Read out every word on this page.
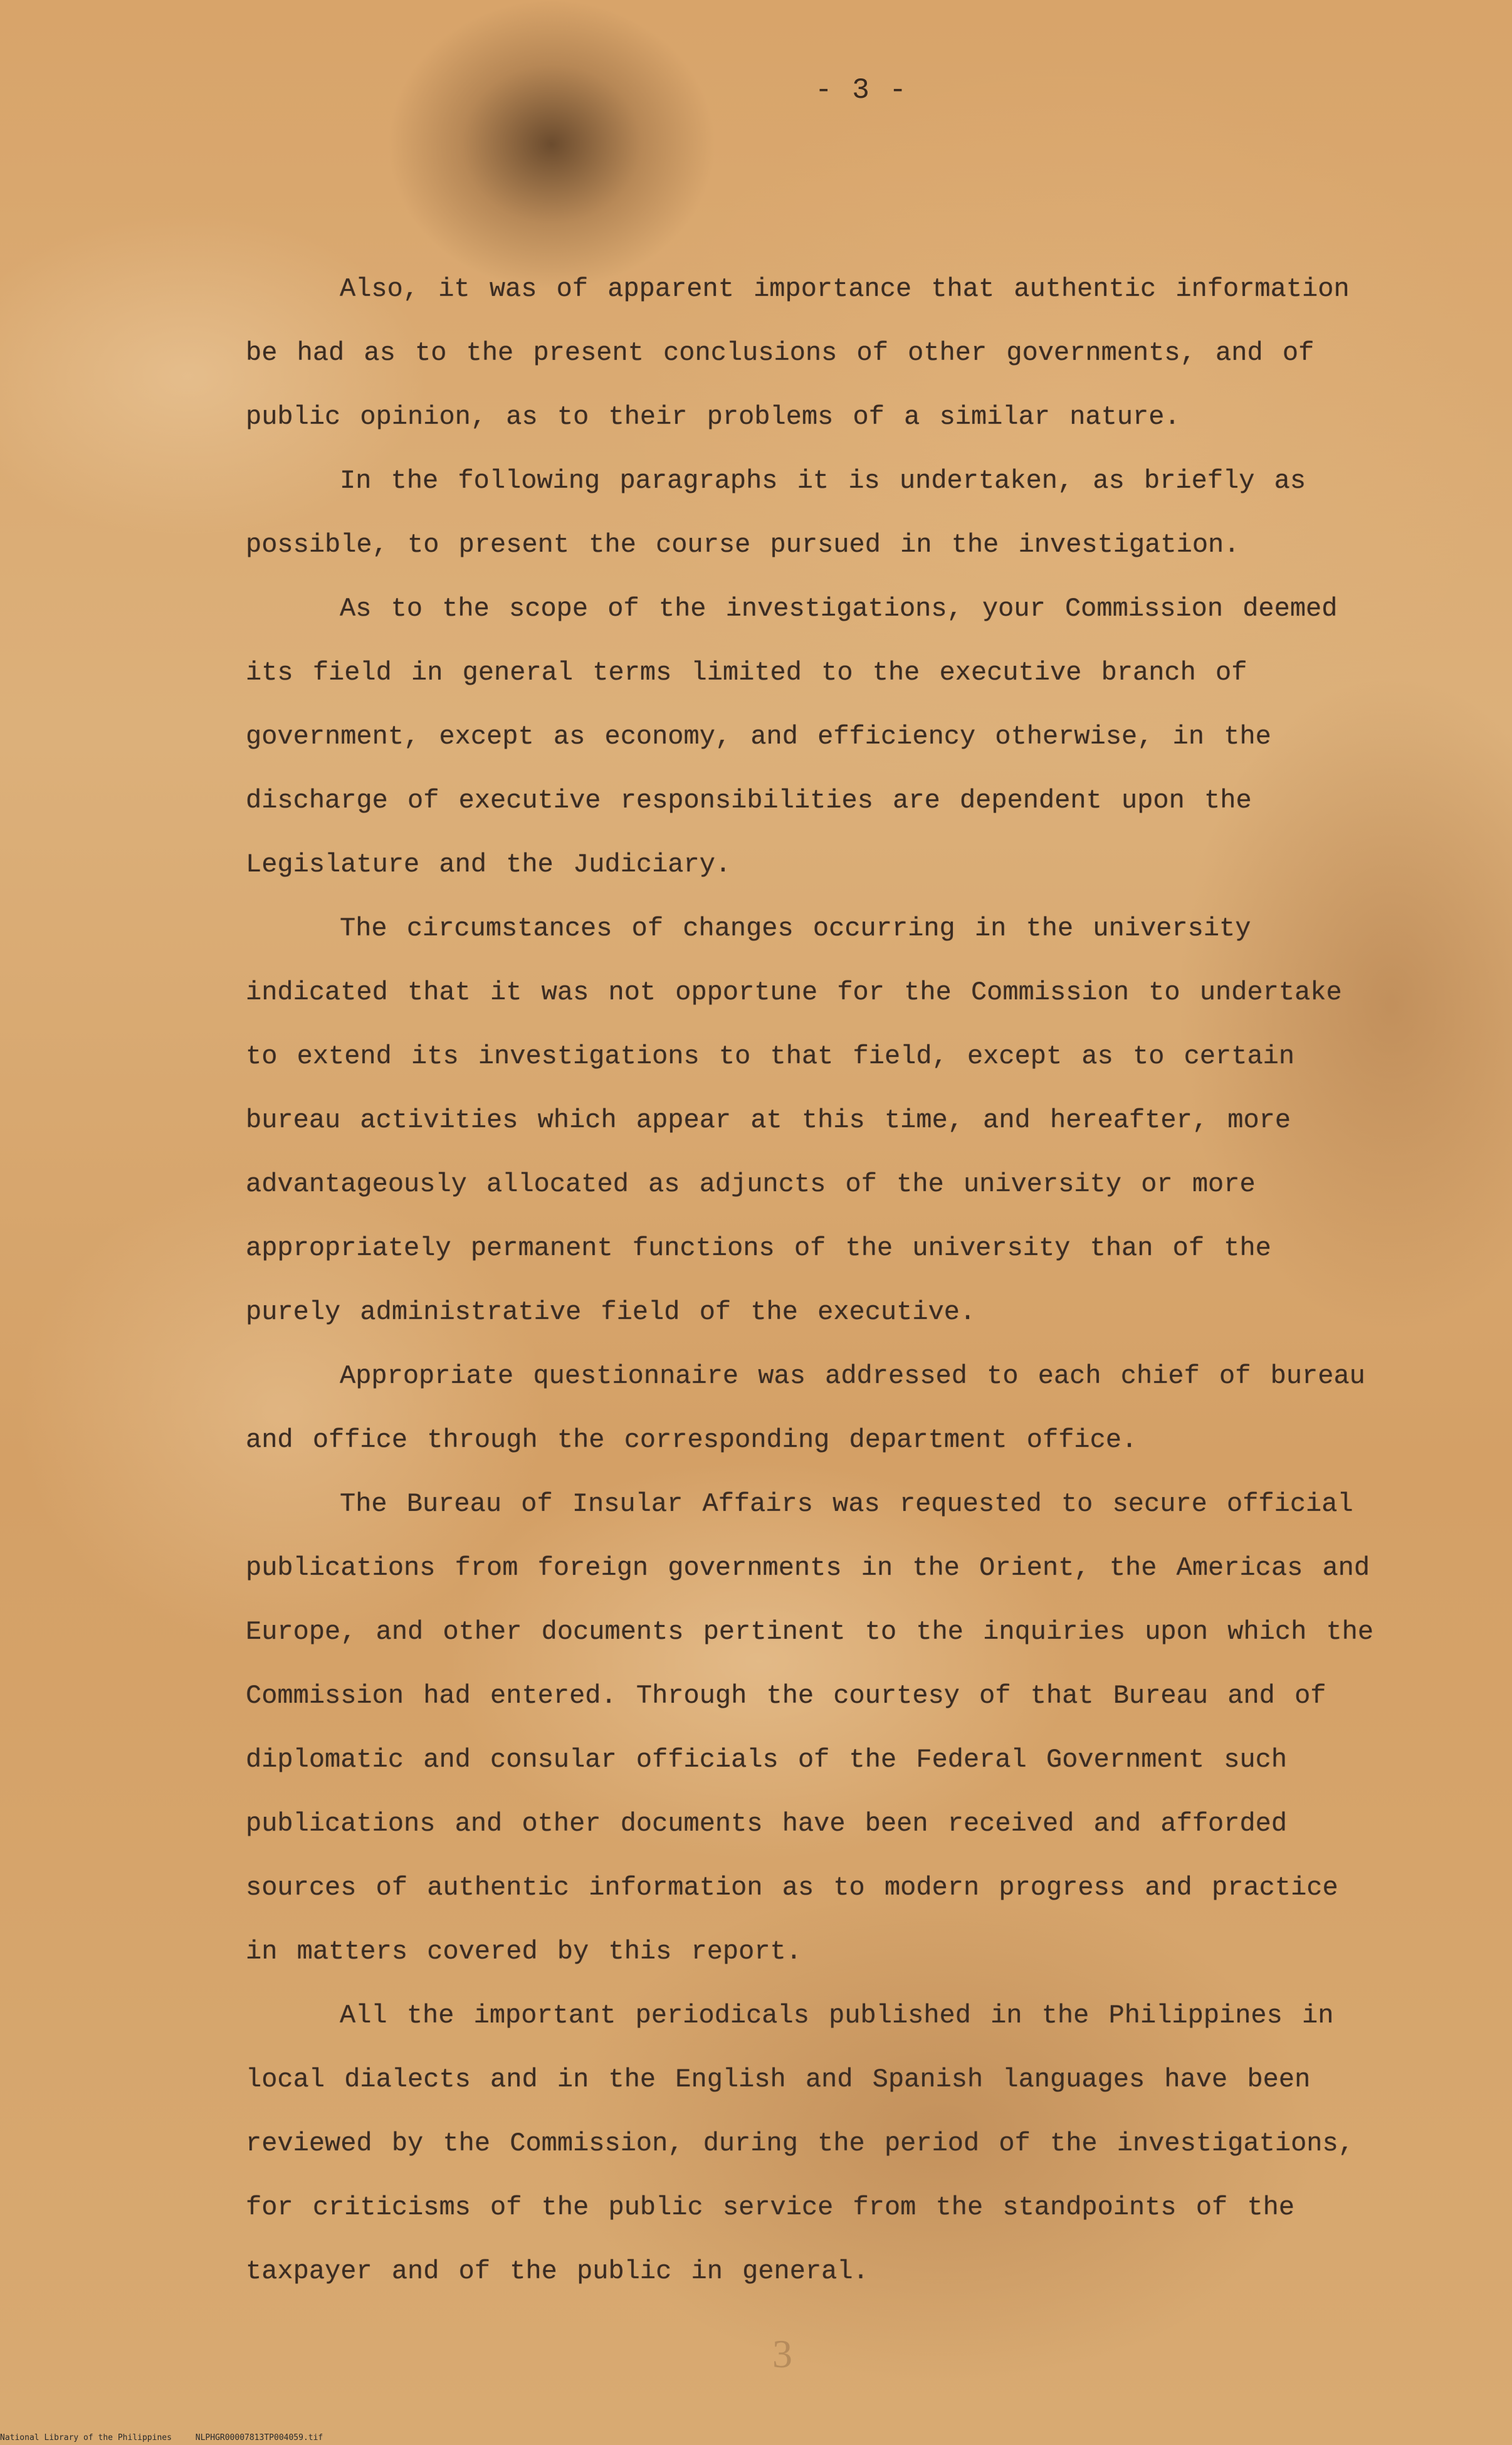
- 3 -

Also, it was of apparent importance that authentic information be had as to the present conclusions of other governments, and of public opinion, as to their problems of a similar nature.

In the following paragraphs it is undertaken, as briefly as possible, to present the course pursued in the investigation.

As to the scope of the investigations, your Commission deemed its field in general terms limited to the executive branch of government, except as economy, and efficiency otherwise, in the discharge of executive responsibilities are dependent upon the Legislature and the Judiciary.

The circumstances of changes occurring in the university indicated that it was not opportune for the Commission to undertake to extend its investigations to that field, except as to certain bureau activities which appear at this time, and hereafter, more advantageously allocated as adjuncts of the university or more appropriately permanent functions of the university than of the purely administrative field of the executive.

Appropriate questionnaire was addressed to each chief of bureau and office through the corresponding department office.

The Bureau of Insular Affairs was requested to secure official publications from foreign governments in the Orient, the Americas and Europe, and other documents pertinent to the inquiries upon which the Commission had entered. Through the courtesy of that Bureau and of diplomatic and consular officials of the Federal Government such publications and other documents have been received and afforded sources of authentic information as to modern progress and practice in matters covered by this report.

All the important periodicals published in the Philippines in local dialects and in the English and Spanish languages have been reviewed by the Commission, during the period of the investigations, for criticisms of the public service from the standpoints of the taxpayer and of the public in general.

3
National Library of the Philippines	NLPHGR00007813TP004059.tif
